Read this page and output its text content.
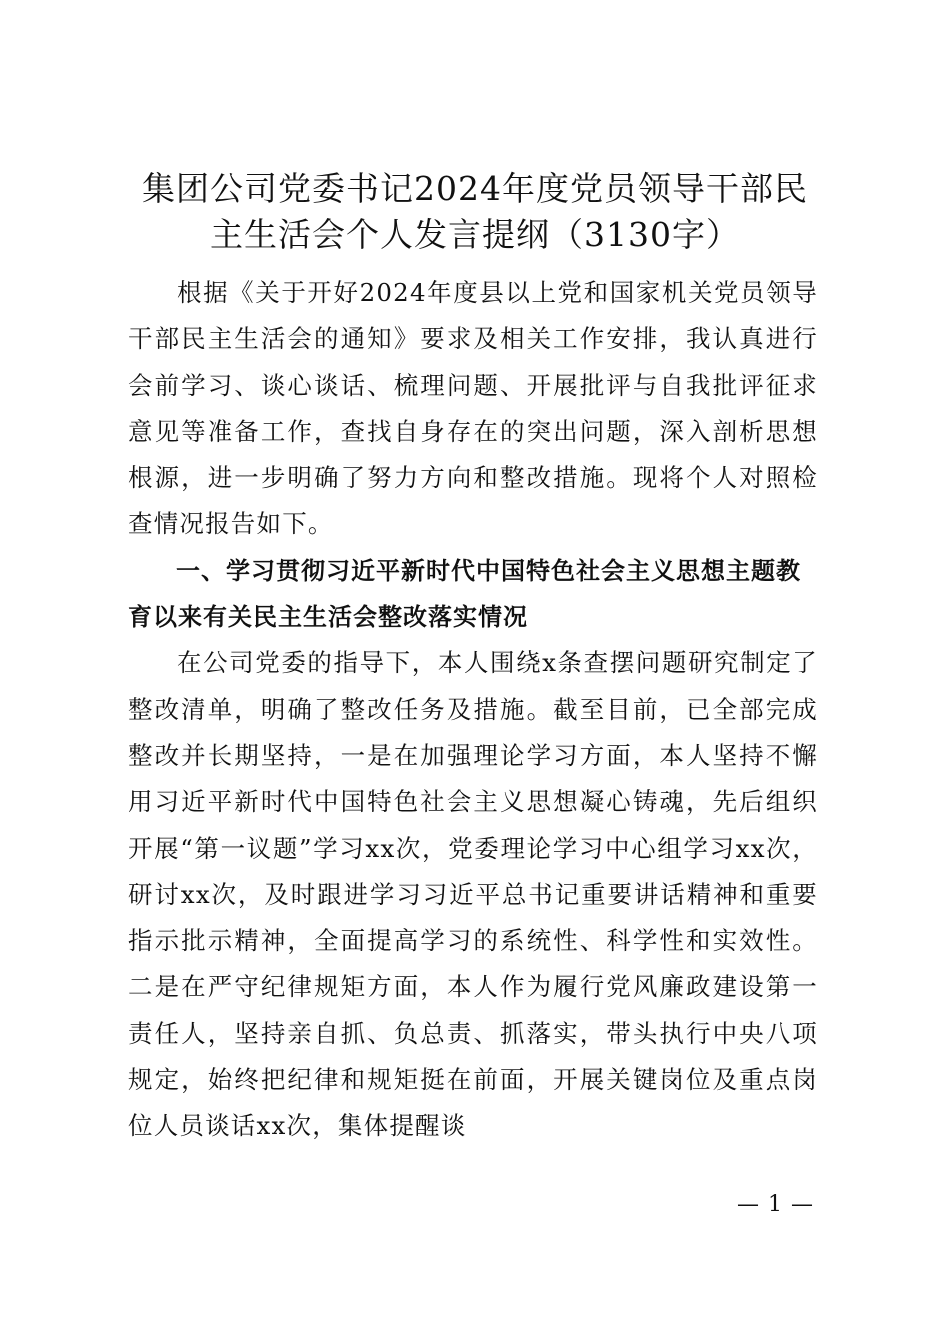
集团公司党委书记2024年度党员领导干部民
主生活会个人发言提纲（3130字）

根据《关于开好2024年度县以上党和国家机关党员领导干部民主生活会的通知》要求及相关工作安排，我认真进行会前学习、谈心谈话、梳理问题、开展批评与自我批评征求意见等准备工作，查找自身存在的突出问题，深入剖析思想根源，进一步明确了努力方向和整改措施。现将个人对照检查情况报告如下。

一、学习贯彻习近平新时代中国特色社会主义思想主题教育以来有关民主生活会整改落实情况

在公司党委的指导下，本人围绕x条查摆问题研究制定了整改清单，明确了整改任务及措施。截至目前，已全部完成整改并长期坚持，一是在加强理论学习方面，本人坚持不懈用习近平新时代中国特色社会主义思想凝心铸魂，先后组织开展“第一议题”学习xx次，党委理论学习中心组学习xx次，研讨xx次，及时跟进学习习近平总书记重要讲话精神和重要指示批示精神，全面提高学习的系统性、科学性和实效性。二是在严守纪律规矩方面，本人作为履行党风廉政建设第一责任人，坚持亲自抓、负总责、抓落实，带头执行中央八项规定，始终把纪律和规矩挺在前面，开展关键岗位及重点岗位人员谈话xx次，集体提醒谈

— 1 —
